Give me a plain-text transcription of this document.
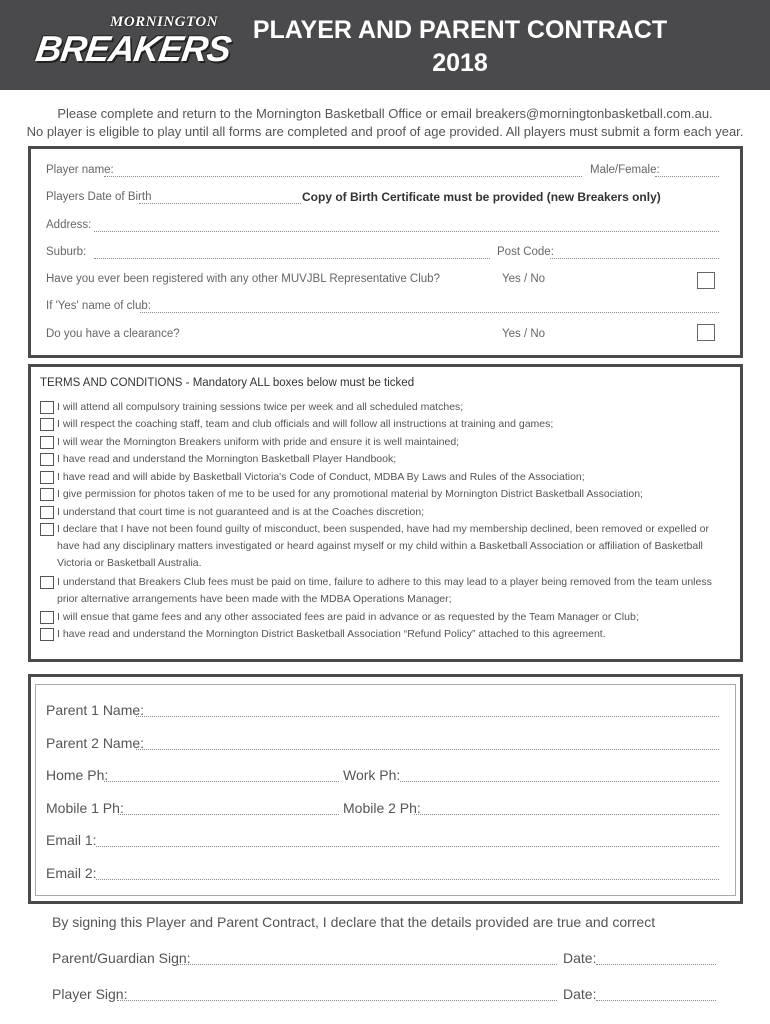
MORNINGTON
BREAKERS PLAYER AND PARENT CONTRACT
2018
Please complete and return to the Mornington Basketball Office or email breakers@morningtonbasketball.com.au.
No player is eligible to play until all forms are completed and proof of age provided. All players must submit a form each year.
Player name:	Male/Female:
Players Date of Birth	Copy of Birth Certificate must be provided (new Breakers only)
Address:
Suburb:	Post Code:
Have you ever been registered with any other MUVJBL Representative Club?	Yes / No
If 'Yes' name of club:
Do you have a clearance?	Yes / No
TERMS AND CONDITIONS - Mandatory ALL boxes below must be ticked
I will attend all compulsory training sessions twice per week and all scheduled matches;
I will respect the coaching staff, team and club officials and will follow all instructions at training and games;
I will wear the Mornington Breakers uniform with pride and ensure it is well maintained;
I have read and understand the Mornington Basketball Player Handbook;
I have read and will abide by Basketball Victoria's Code of Conduct, MDBA By Laws and Rules of the Association;
I give permission for photos taken of me to be used for any promotional material by Mornington District Basketball Association;
I understand that court time is not guaranteed and is at the Coaches discretion;
I declare that I have not been found guilty of misconduct, been suspended, have had my membership declined, been removed or expelled or have had any disciplinary matters investigated or heard against myself or my child within a Basketball Association or affiliation of Basketball Victoria or Basketball Australia.
I understand that Breakers Club fees must be paid on time, failure to adhere to this may lead to a player being removed from the team unless prior alternative arrangements have been made with the MDBA Operations Manager;
I will ensue that game fees and any other associated fees are paid in advance or as requested by the Team Manager or Club;
I have read and understand the Mornington District Basketball Association “Refund Policy” attached to this agreement.
Parent 1 Name:
Parent 2 Name:
Home Ph:	Work Ph:
Mobile 1 Ph:	Mobile 2 Ph:
Email 1:
Email 2:
By signing this Player and Parent Contract, I declare that the details provided are true and correct
Parent/Guardian Sign:	Date:
Player Sign:	Date:
